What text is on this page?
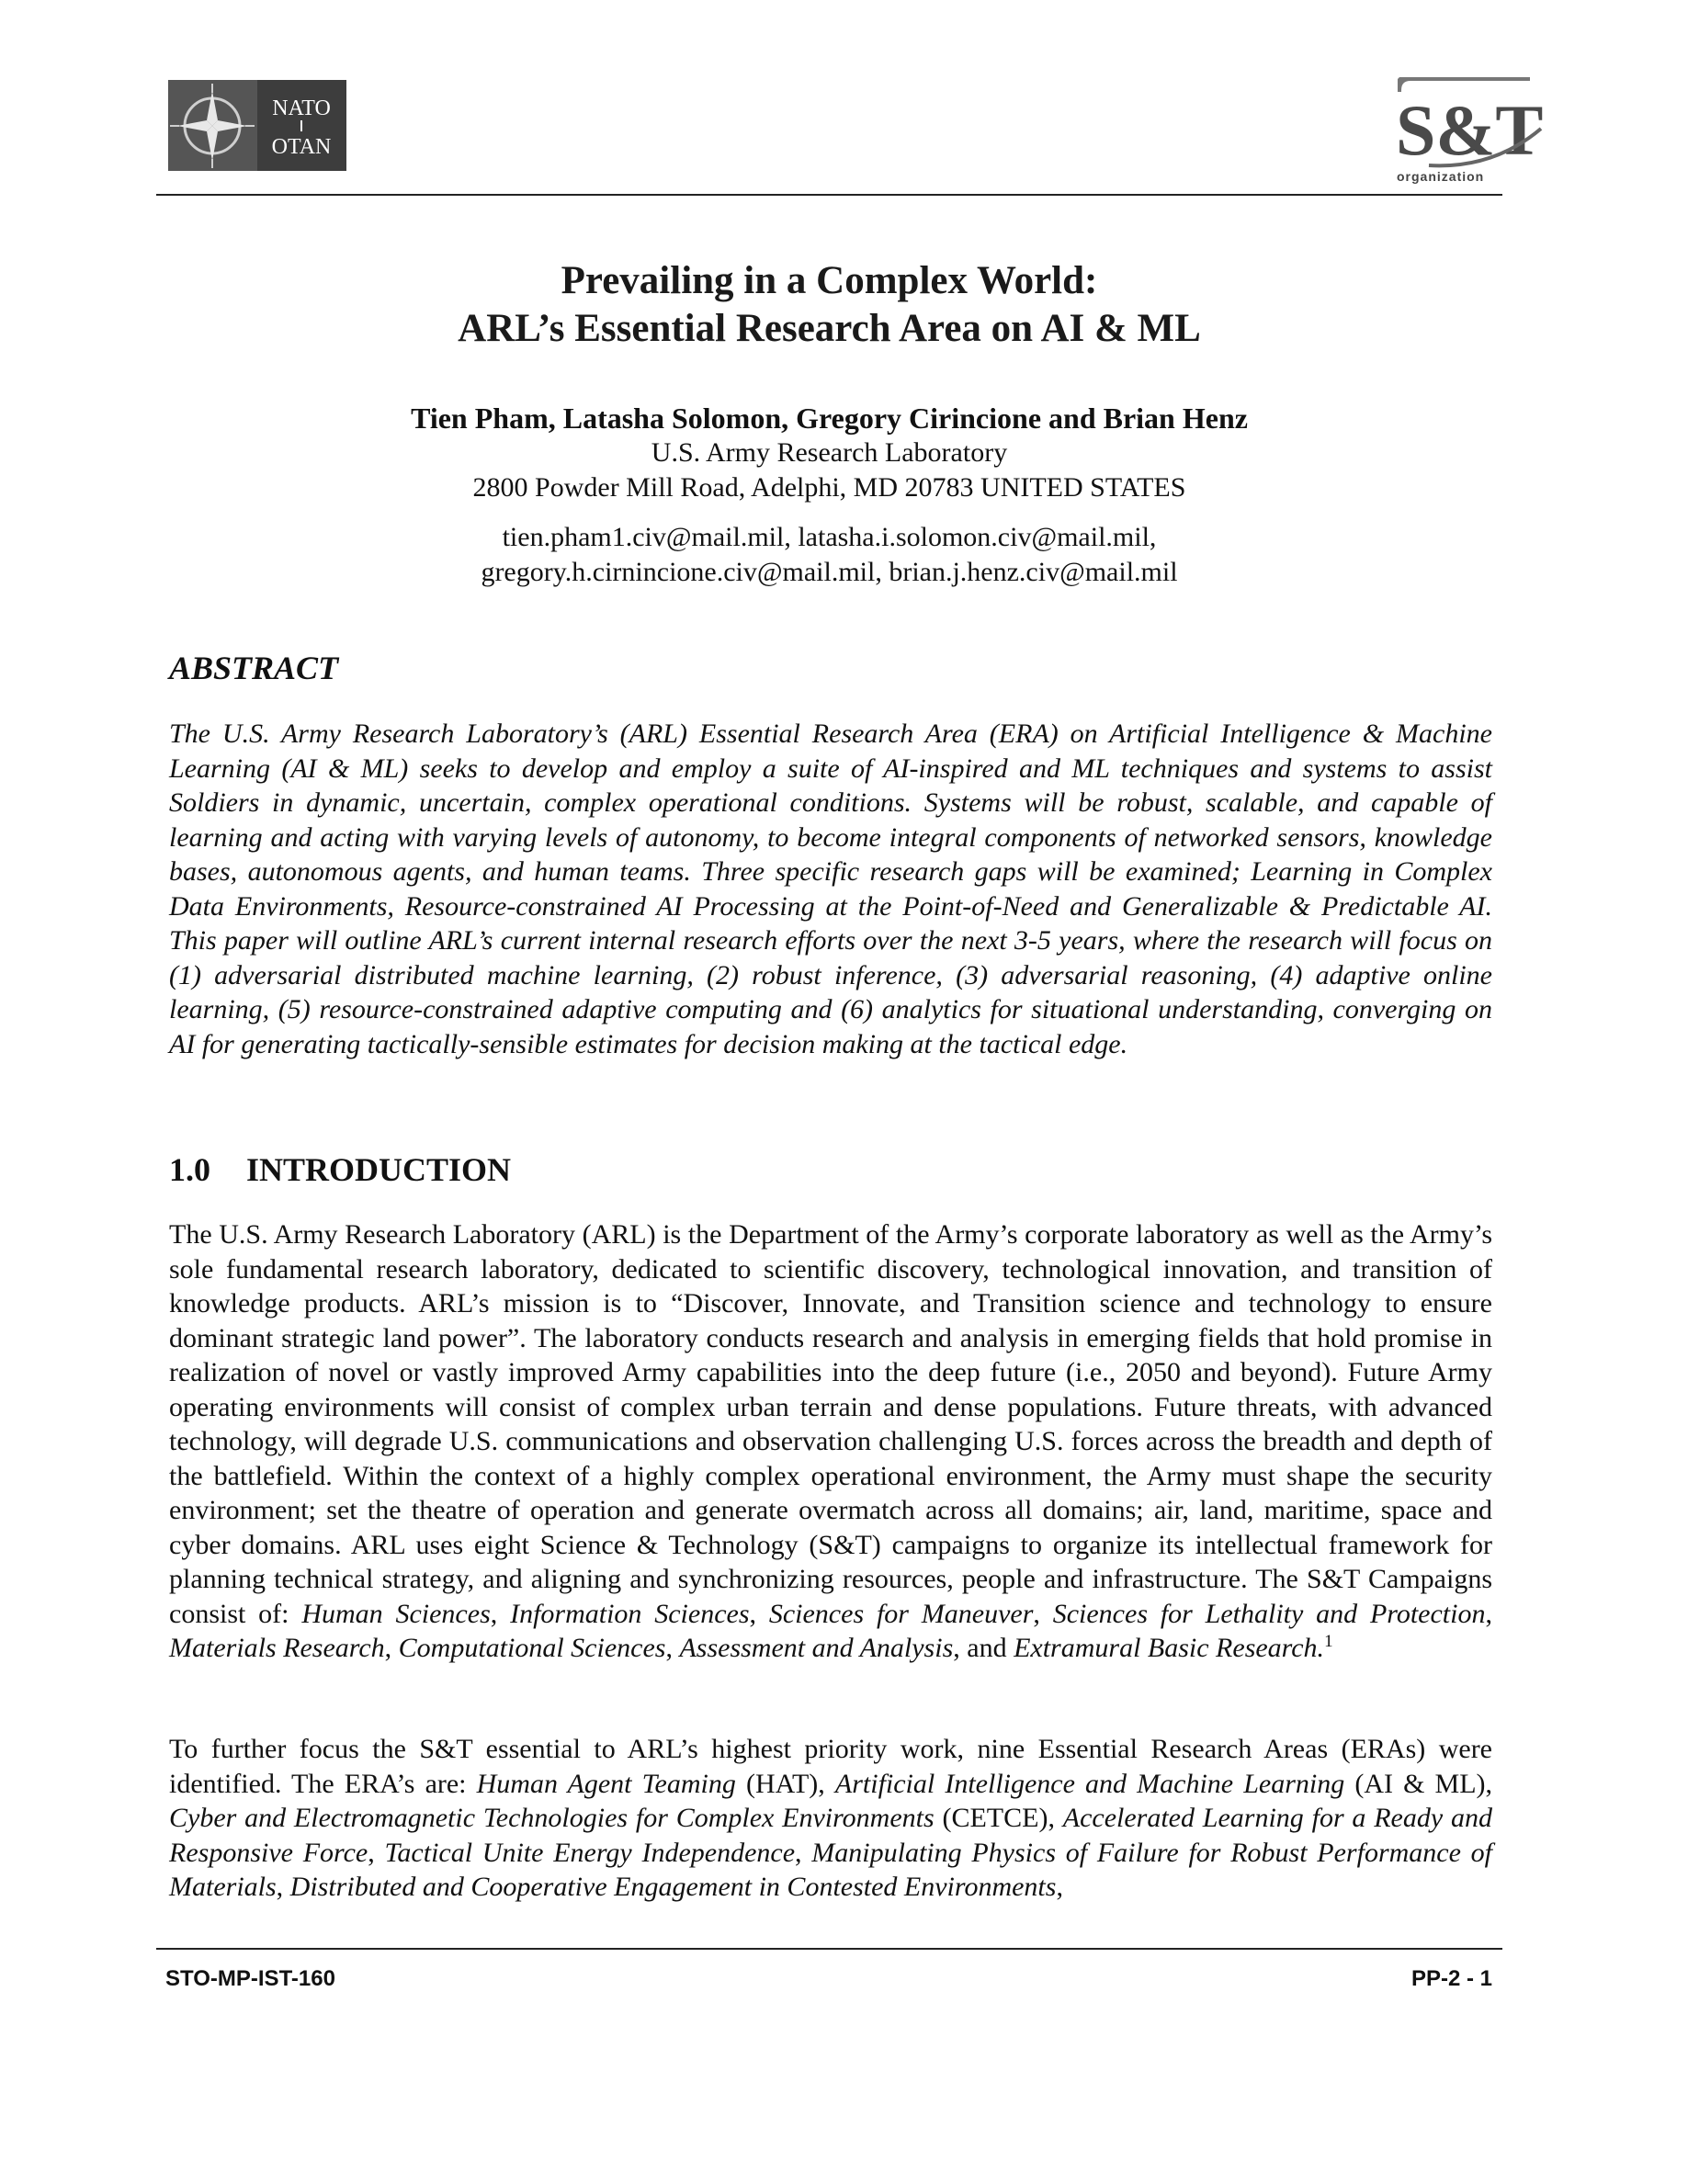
NATO
OTAN	S&T
organization
Prevailing in a Complex World:
ARL’s Essential Research Area on AI & ML
Tien Pham, Latasha Solomon, Gregory Cirincione and Brian Henz
U.S. Army Research Laboratory
2800 Powder Mill Road, Adelphi, MD 20783 UNITED STATES
tien.pham1.civ@mail.mil, latasha.i.solomon.civ@mail.mil,
gregory.h.cirnincione.civ@mail.mil, brian.j.henz.civ@mail.mil
ABSTRACT
The U.S. Army Research Laboratory’s (ARL) Essential Research Area (ERA) on Artificial Intelligence & Machine Learning (AI & ML) seeks to develop and employ a suite of AI-inspired and ML techniques and systems to assist Soldiers in dynamic, uncertain, complex operational conditions. Systems will be robust, scalable, and capable of learning and acting with varying levels of autonomy, to become integral components of networked sensors, knowledge bases, autonomous agents, and human teams. Three specific research gaps will be examined; Learning in Complex Data Environments, Resource-constrained AI Processing at the Point-of-Need and Generalizable & Predictable AI. This paper will outline ARL’s current internal research efforts over the next 3-5 years, where the research will focus on (1) adversarial distributed machine learning, (2) robust inference, (3) adversarial reasoning, (4) adaptive online learning, (5) resource-constrained adaptive computing and (6) analytics for situational understanding, converging on AI for generating tactically-sensible estimates for decision making at the tactical edge.
1.0 INTRODUCTION
The U.S. Army Research Laboratory (ARL) is the Department of the Army’s corporate laboratory as well as the Army’s sole fundamental research laboratory, dedicated to scientific discovery, technological innovation, and transition of knowledge products. ARL’s mission is to “Discover, Innovate, and Transition science and technology to ensure dominant strategic land power”. The laboratory conducts research and analysis in emerging fields that hold promise in realization of novel or vastly improved Army capabilities into the deep future (i.e., 2050 and beyond). Future Army operating environments will consist of complex urban terrain and dense populations. Future threats, with advanced technology, will degrade U.S. communications and observation challenging U.S. forces across the breadth and depth of the battlefield. Within the context of a highly complex operational environment, the Army must shape the security environment; set the theatre of operation and generate overmatch across all domains; air, land, maritime, space and cyber domains. ARL uses eight Science & Technology (S&T) campaigns to organize its intellectual framework for planning technical strategy, and aligning and synchronizing resources, people and infrastructure. The S&T Campaigns consist of: Human Sciences, Information Sciences, Sciences for Maneuver, Sciences for Lethality and Protection, Materials Research, Computational Sciences, Assessment and Analysis, and Extramural Basic Research.$^1$
To further focus the S&T essential to ARL’s highest priority work, nine Essential Research Areas (ERAs) were identified. The ERA’s are: Human Agent Teaming (HAT), Artificial Intelligence and Machine Learning (AI & ML), Cyber and Electromagnetic Technologies for Complex Environments (CETCE), Accelerated Learning for a Ready and Responsive Force, Tactical Unite Energy Independence, Manipulating Physics of Failure for Robust Performance of Materials, Distributed and Cooperative Engagement in Contested Environments,
STO-MP-IST-160	PP-2 - 1
